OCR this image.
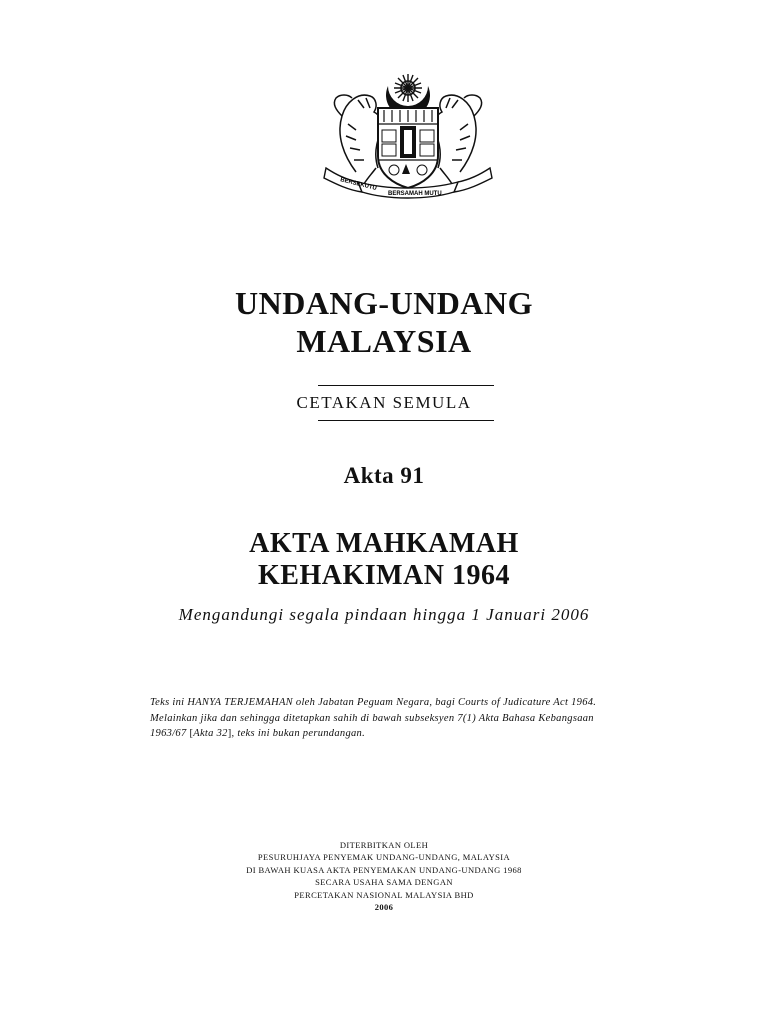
BERSEKUTU
BERSAMAH MUTU
UNDANG-UNDANG
MALAYSIA
CETAKAN SEMULA
Akta 91
AKTA MAHKAMAH
KEHAKIMAN 1964
Mengandungi segala pindaan hingga 1 Januari 2006
Teks ini HANYA TERJEMAHAN oleh Jabatan Peguam Negara, bagi Courts of Judicature Act 1964.
Melainkan jika dan sehingga ditetapkan sahih di bawah subseksyen 7(1) Akta Bahasa Kebangsaan
1963/67 [Akta 32], teks ini bukan perundangan.
DITERBITKAN OLEH
PESURUHJAYA PENYEMAK UNDANG-UNDANG, MALAYSIA
DI BAWAH KUASA AKTA PENYEMAKAN UNDANG-UNDANG 1968
SECARA USAHA SAMA DENGAN
PERCETAKAN NASIONAL MALAYSIA BHD
2006
